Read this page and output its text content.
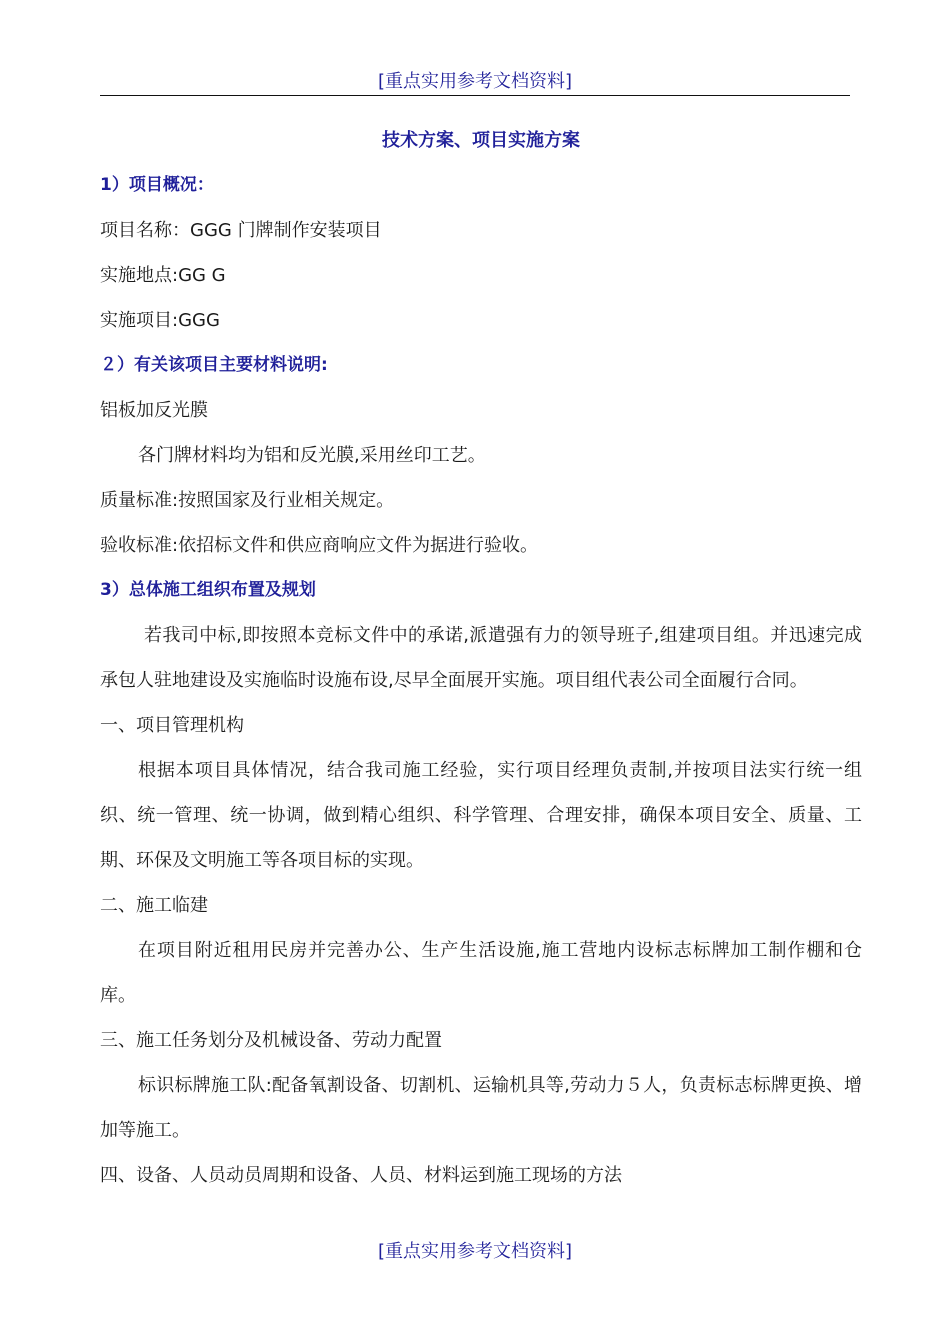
[重点实用参考文档资料]
技术方案、项目实施方案
1）项目概况：
项目名称：GGG 门牌制作安装项目
实施地点:GG G
实施项目:GGG
２）有关该项目主要材料说明:
铝板加反光膜
各门牌材料均为铝和反光膜,采用丝印工艺。
质量标准:按照国家及行业相关规定。
验收标准:依招标文件和供应商响应文件为据进行验收。
3）总体施工组织布置及规划
若我司中标,即按照本竞标文件中的承诺,派遣强有力的领导班子,组建项目组。并迅速完成承包人驻地建设及实施临时设施布设,尽早全面展开实施。项目组代表公司全面履行合同。
一、项目管理机构
根据本项目具体情况，结合我司施工经验，实行项目经理负责制,并按项目法实行统一组织、统一管理、统一协调，做到精心组织、科学管理、合理安排，确保本项目安全、质量、工期、环保及文明施工等各项目标的实现。
二、施工临建
在项目附近租用民房并完善办公、生产生活设施,施工营地内设标志标牌加工制作棚和仓库。
三、施工任务划分及机械设备、劳动力配置
标识标牌施工队:配备氧割设备、切割机、运输机具等,劳动力５人，负责标志标牌更换、增加等施工。
四、设备、人员动员周期和设备、人员、材料运到施工现场的方法
[重点实用参考文档资料]
